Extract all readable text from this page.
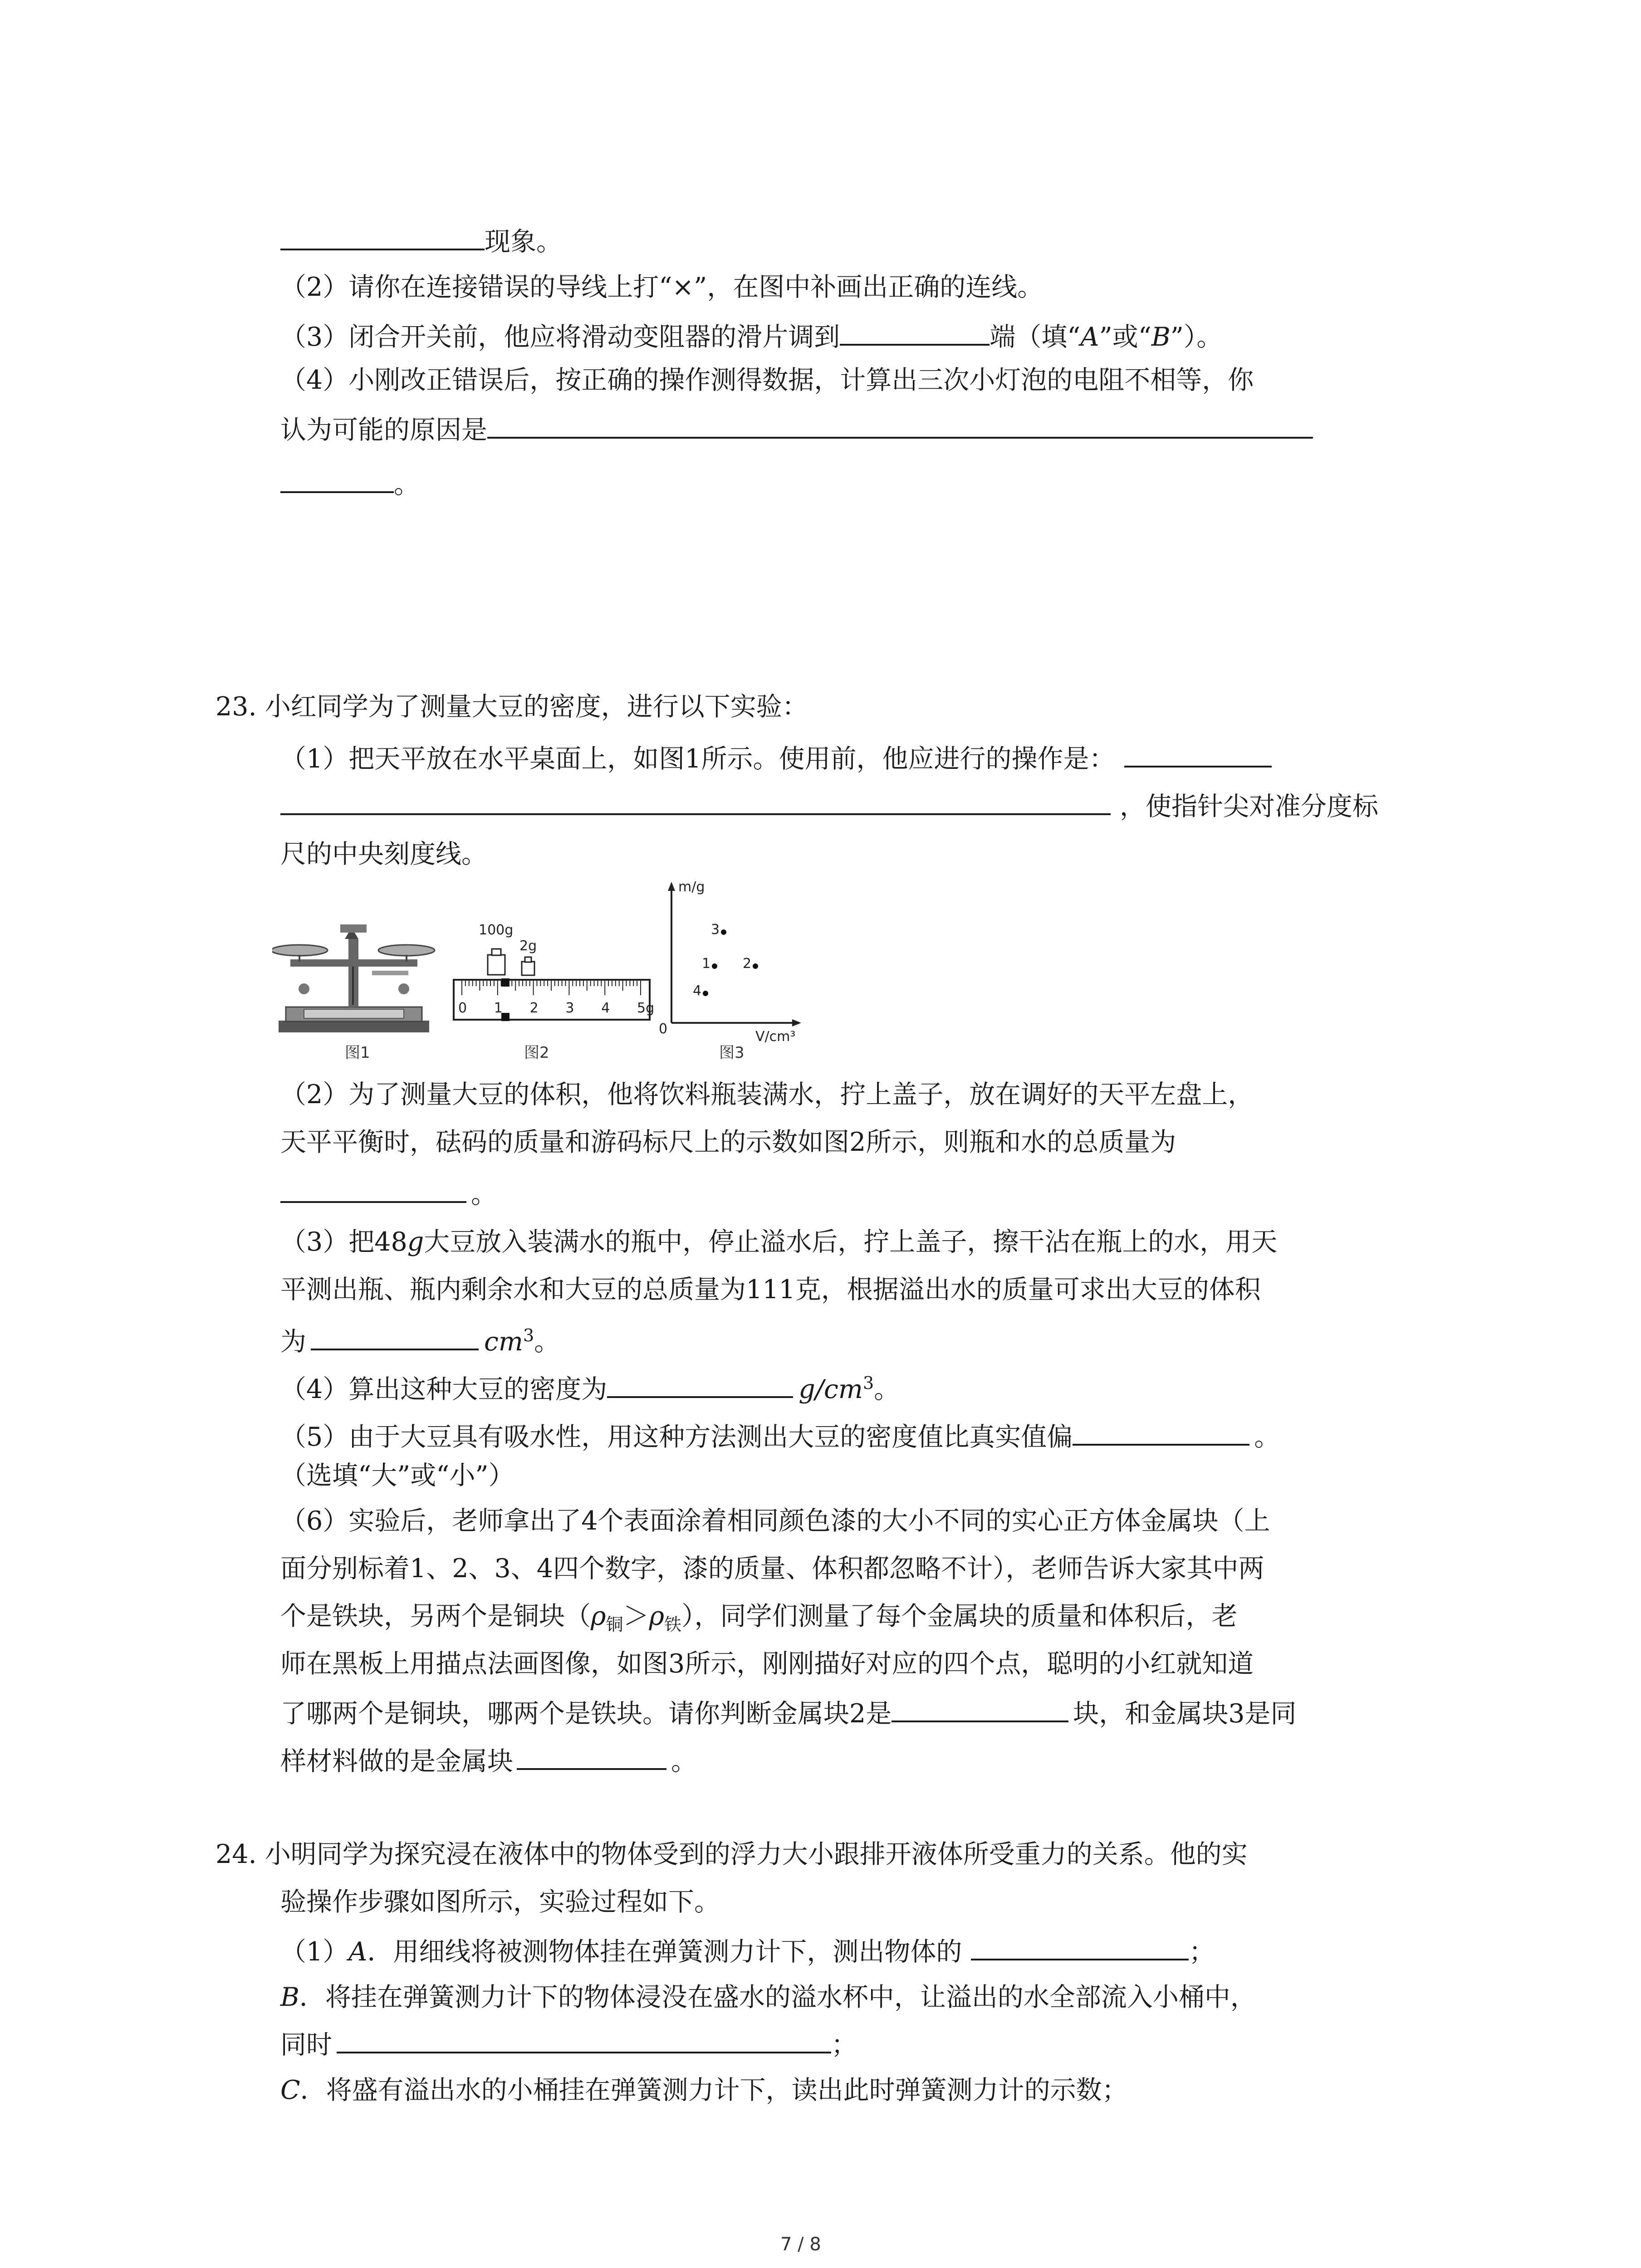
现象。
（2）请你在连接错误的导线上打“×”，在图中补画出正确的连线。
（3）闭合开关前，他应将滑动变阻器的滑片调到	端（填“A”或“B”）。
（4）小刚改正错误后，按正确的操作测得数据，计算出三次小灯泡的电阻不相等，你
认为可能的原因是
。
23. 小红同学为了测量大豆的密度，进行以下实验：
（1）把天平放在水平桌面上，如图1所示。使用前，他应进行的操作是：
，使指针尖对准分度标
尺的中央刻度线。
图1
100g
2g
0 1 2 3 4 5g
图2
m/g
V/cm³
0
1 2
3
4
图3
（2）为了测量大豆的体积，他将饮料瓶装满水，拧上盖子，放在调好的天平左盘上，
天平平衡时，砝码的质量和游码标尺上的示数如图2所示，则瓶和水的总质量为
。
（3）把48g大豆放入装满水的瓶中，停止溢水后，拧上盖子，擦干沾在瓶上的水，用天
平测出瓶、瓶内剩余水和大豆的总质量为111克，根据溢出水的质量可求出大豆的体积
为	$cm^3$。
（4）算出这种大豆的密度为	$g/cm^3$。
（5）由于大豆具有吸水性，用这种方法测出大豆的密度值比真实值偏	。
（选填“大”或“小”）
（6）实验后，老师拿出了4个表面涂着相同颜色漆的大小不同的实心正方体金属块（上
面分别标着1、2、3、4四个数字，漆的质量、体积都忽略不计），老师告诉大家其中两
个是铁块，另两个是铜块$(\rho_铜>\rho_铁)$，同学们测量了每个金属块的质量和体积后，老
师在黑板上用描点法画图像，如图3所示，刚刚描好对应的四个点，聪明的小红就知道
了哪两个是铜块，哪两个是铁块。请你判断金属块2是	块，和金属块3是同
样材料做的是金属块	。
24. 小明同学为探究浸在液体中的物体受到的浮力大小跟排开液体所受重力的关系。他的实
验操作步骤如图所示，实验过程如下。
（1）A．用细线将被测物体挂在弹簧测力计下，测出物体的	；
B．将挂在弹簧测力计下的物体浸没在盛水的溢水杯中，让溢出的水全部流入小桶中，
同时	；
C．将盛有溢出水的小桶挂在弹簧测力计下，读出此时弹簧测力计的示数；
7 / 8
